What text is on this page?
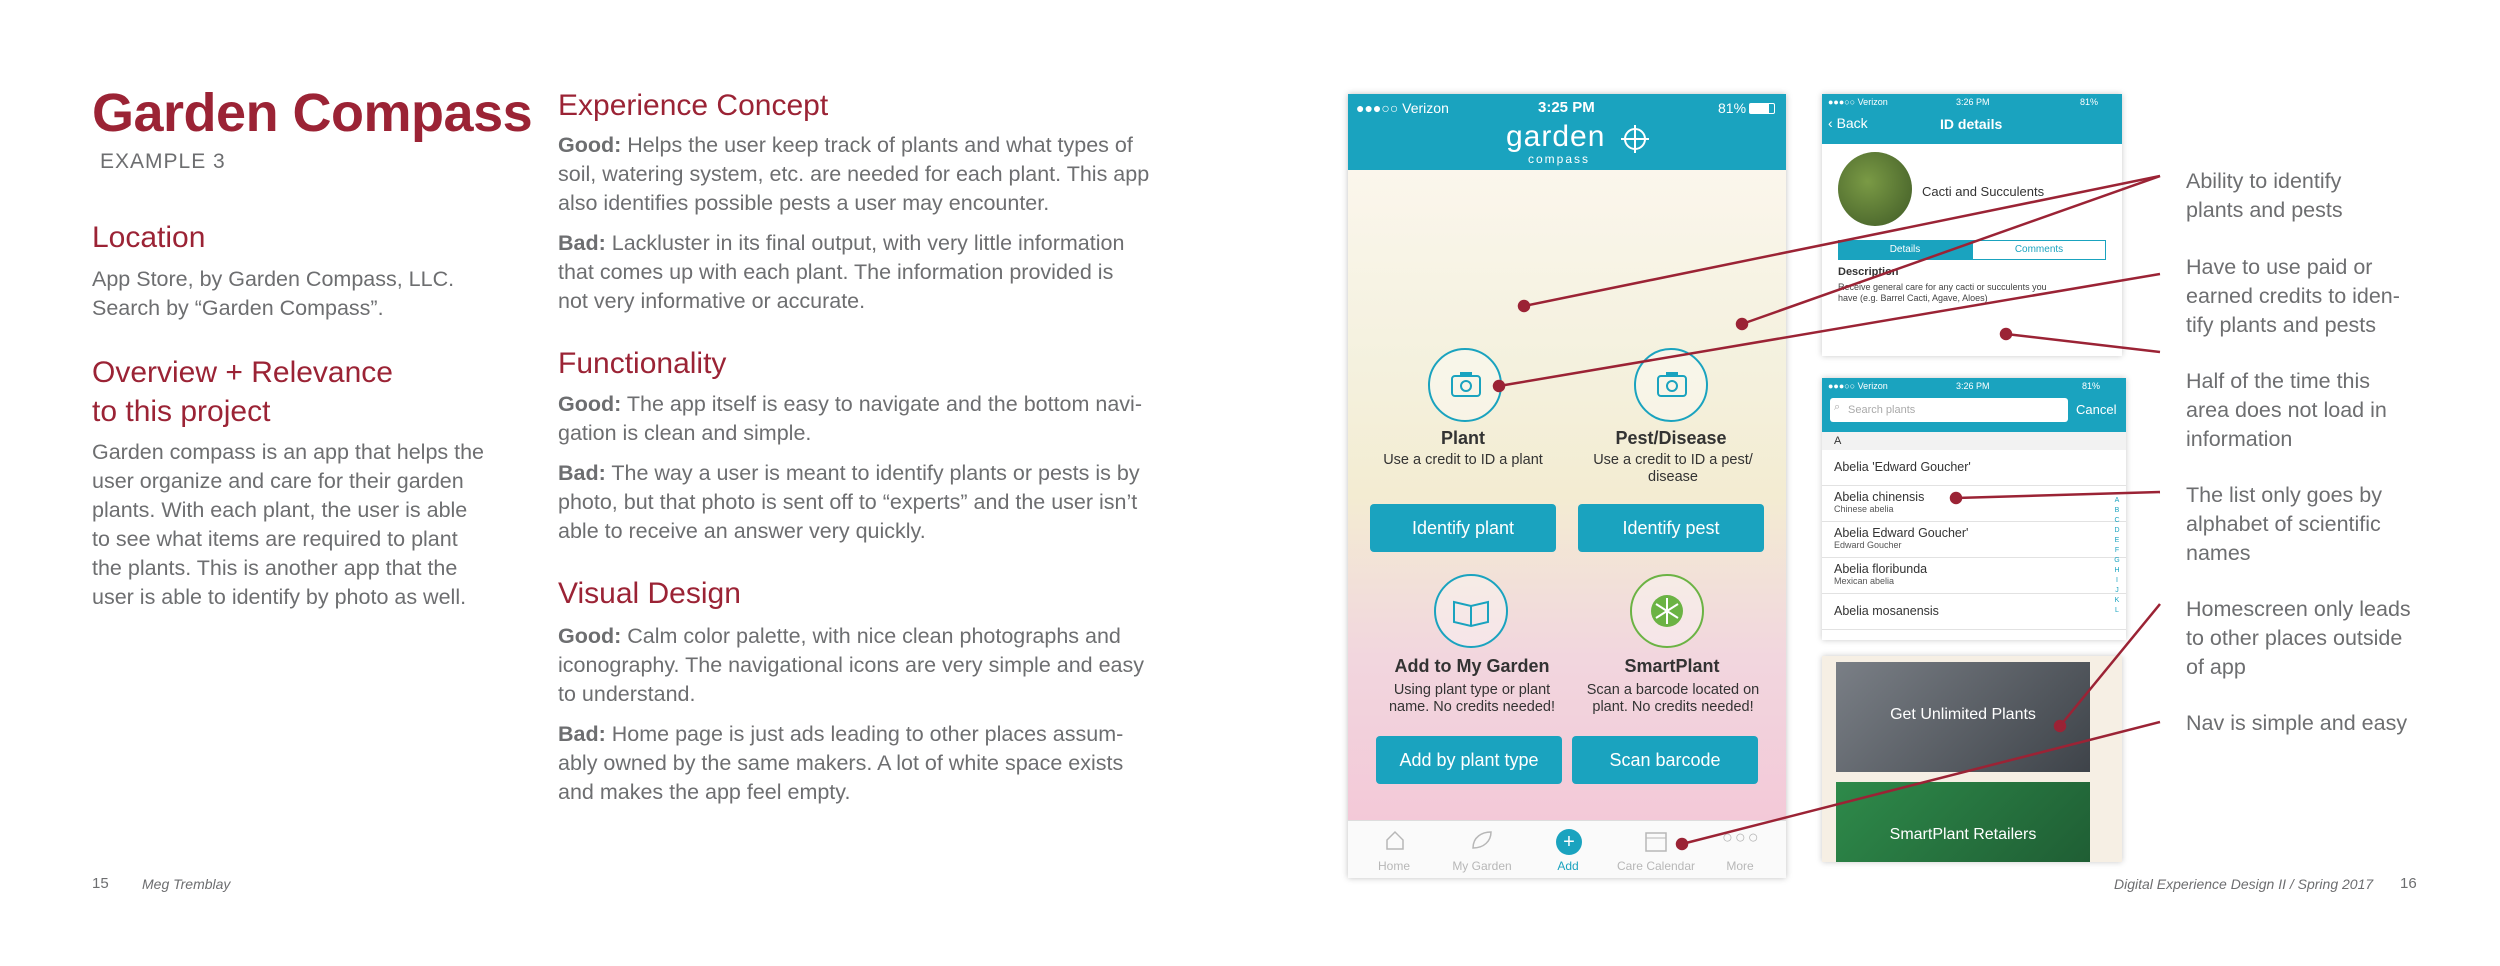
Garden Compass
EXAMPLE 3
Location
App Store, by Garden Compass, LLC.
Search by “Garden Compass”.
Overview + Relevance
to this project
Garden compass is an app that helps the
user organize and care for their garden
plants. With each plant, the user is able
to see what items are required to plant
the plants. This is another app that the
user is able to identify by photo as well.
Experience Concept
Good: Helps the user keep track of plants and what types of
soil, watering system, etc. are needed for each plant. This app
also identifies possible pests a user may encounter.
Bad: Lackluster in its final output, with very little information
that comes up with each plant. The information provided is
not very informative or accurate.
Functionality
Good: The app itself is easy to navigate and the bottom navi-
gation is clean and simple.
Bad: The way a user is meant to identify plants or pests is by
photo, but that photo is sent off to “experts” and the user isn’t
able to receive an answer very quickly.
Visual Design
Good: Calm color palette, with nice clean photographs and
iconography. The navigational icons are very simple and easy
to understand.
Bad: Home page is just ads leading to other places assum-
ably owned by the same makers. A lot of white space exists
and makes the app feel empty.
15 Meg Tremblay	Digital Experience Design II / Spring 2017 16
●●●○○ Verizon	3:25 PM	81%
garden
compass
Plant
Use a credit to ID a plant
Pest/Disease
Use a credit to ID a pest/
disease
Identify plant	Identify pest
Add to My Garden
Using plant type or plant
name. No credits needed!
SmartPlant
Scan a barcode located on
plant. No credits needed!
Add by plant type	Scan barcode
Home	My Garden
+
Add	Care Calendar
○○○
More
●●●○○ Verizon	3:26 PM	81%
‹ Back	ID details
Cacti and Succulents
Details	Comments
Description
Receive general care for any cacti or succulents you
have (e.g. Barrel Cacti, Agave, Aloes)
●●●○○ Verizon	3:26 PM	81%
Search plants
⌕	Cancel
A
Abelia 'Edward Goucher'
Abelia chinensis
Chinese abelia
Abelia Edward Goucher'
Edward Goucher
Abelia floribunda
Mexican abelia
Abelia mosanensis
A
B
C
D
E
F
G
H
I
J
K
L
Get Unlimited Plants
SmartPlant Retailers
Ability to identify
plants and pests
Have to use paid or
earned credits to iden-
tify plants and pests
Half of the time this
area does not load in
information
The list only goes by
alphabet of scientific
names
Homescreen only leads
to other places outside
of app
Nav is simple and easy
